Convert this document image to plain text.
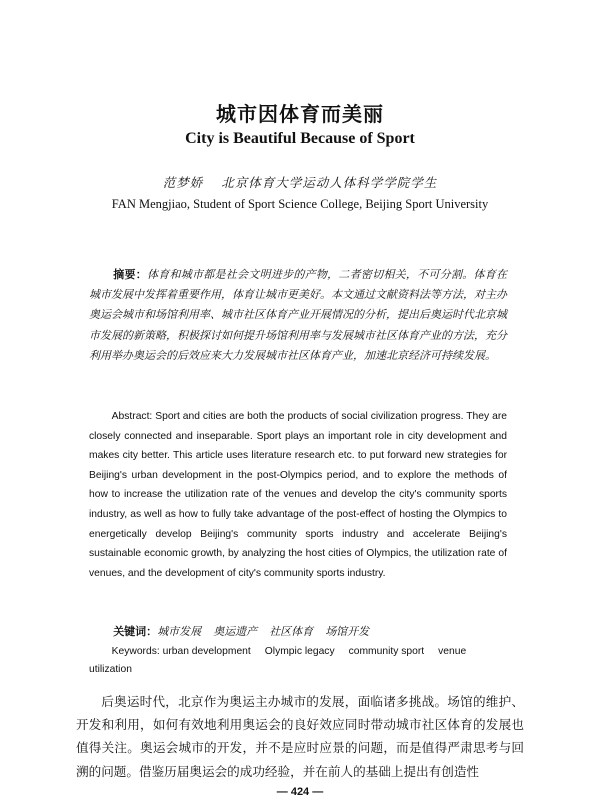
城市因体育而美丽
City is Beautiful Because of Sport
范梦娇 北京体育大学运动人体科学学院学生
FAN Mengjiao, Student of Sport Science College, Beijing Sport University
摘要：体育和城市都是社会文明进步的产物，二者密切相关，不可分割。体育在城市发展中发挥着重要作用，体育让城市更美好。本文通过文献资料法等方法，对主办奥运会城市和场馆利用率、城市社区体育产业开展情况的分析，提出后奥运时代北京城市发展的新策略，积极探讨如何提升场馆利用率与发展城市社区体育产业的方法，充分利用举办奥运会的后效应来大力发展城市社区体育产业，加速北京经济可持续发展。
Abstract: Sport and cities are both the products of social civilization progress. They are closely connected and inseparable. Sport plays an important role in city development and makes city better. This article uses literature research etc. to put forward new strategies for Beijing's urban development in the post-Olympics period, and to explore the methods of how to increase the utilization rate of the venues and develop the city's community sports industry, as well as how to fully take advantage of the post-effect of hosting the Olympics to energetically develop Beijing's community sports industry and accelerate Beijing's sustainable economic growth, by analyzing the host cities of Olympics, the utilization rate of venues, and the development of city's community sports industry.
关键词：城市发展 奥运遗产 社区体育 场馆开发
Keywords: urban development Olympic legacy community sport venue utilization
后奥运时代，北京作为奥运主办城市的发展，面临诸多挑战。场馆的维护、开发和利用，如何有效地利用奥运会的良好效应同时带动城市社区体育的发展也值得关注。奥运会城市的开发，并不是应时应景的问题，而是值得严肃思考与回溯的问题。借鉴历届奥运会的成功经验，并在前人的基础上提出有创造性
— 424 —
